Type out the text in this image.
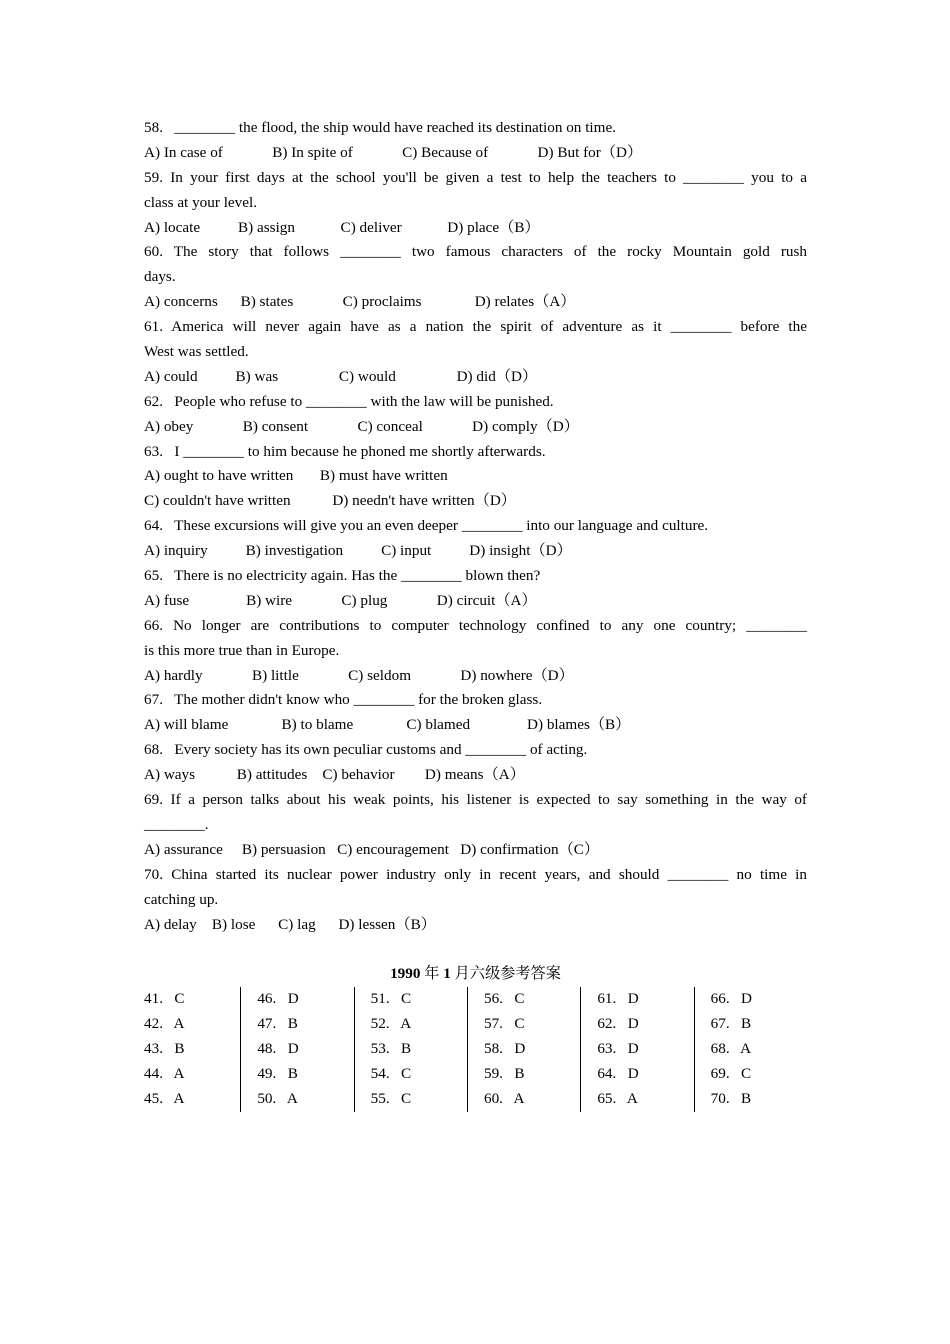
58.   ________ the flood, the ship would have reached its destination on time.
A) In case of             B) In spite of             C) Because of             D) But for（D）
59. In your first days at the school you'll be given a test to help the teachers to ________ you to a
class at your level.
A) locate          B) assign            C) deliver            D) place（B）
60. The story that follows ________ two famous characters of the rocky Mountain gold rush
days.
A) concerns      B) states             C) proclaims              D) relates（A）
61. America will never again have as a nation the spirit of adventure as it ________ before the
West was settled.
A) could          B) was                C) would                D) did（D）
62.   People who refuse to ________ with the law will be punished.
A) obey             B) consent             C) conceal             D) comply（D）
63.   I ________ to him because he phoned me shortly afterwards.
A) ought to have written       B) must have written
C) couldn't have written           D) needn't have written（D）
64.   These excursions will give you an even deeper ________ into our language and culture.
A) inquiry          B) investigation          C) input          D) insight（D）
65.   There is no electricity again. Has the ________ blown then?
A) fuse               B) wire             C) plug             D) circuit（A）
66. No longer are contributions to computer technology confined to any one country; ________
is this more true than in Europe.
A) hardly             B) little             C) seldom             D) nowhere（D）
67.   The mother didn't know who ________ for the broken glass.
A) will blame              B) to blame              C) blamed               D) blames（B）
68.   Every society has its own peculiar customs and ________ of acting.
A) ways           B) attitudes    C) behavior        D) means（A）
69. If a person talks about his weak points, his listener is expected to say something in the way of
________.
A) assurance     B) persuasion   C) encouragement   D) confirmation（C）
70. China started its nuclear power industry only in recent years, and should ________ no time in
catching up.
A) delay    B) lose      C) lag      D) lessen（B）
1990 年 1 月六级参考答案
41.   C
42.   A
43.   B
44.   A
45.   A
46.   D
47.   B
48.   D
49.   B
50.   A
51.   C
52.   A
53.   B
54.   C
55.   C
56.   C
57.   C
58.   D
59.   B
60.   A
61.   D
62.   D
63.   D
64.   D
65.   A
66.   D
67.   B
68.   A
69.   C
70.   B
